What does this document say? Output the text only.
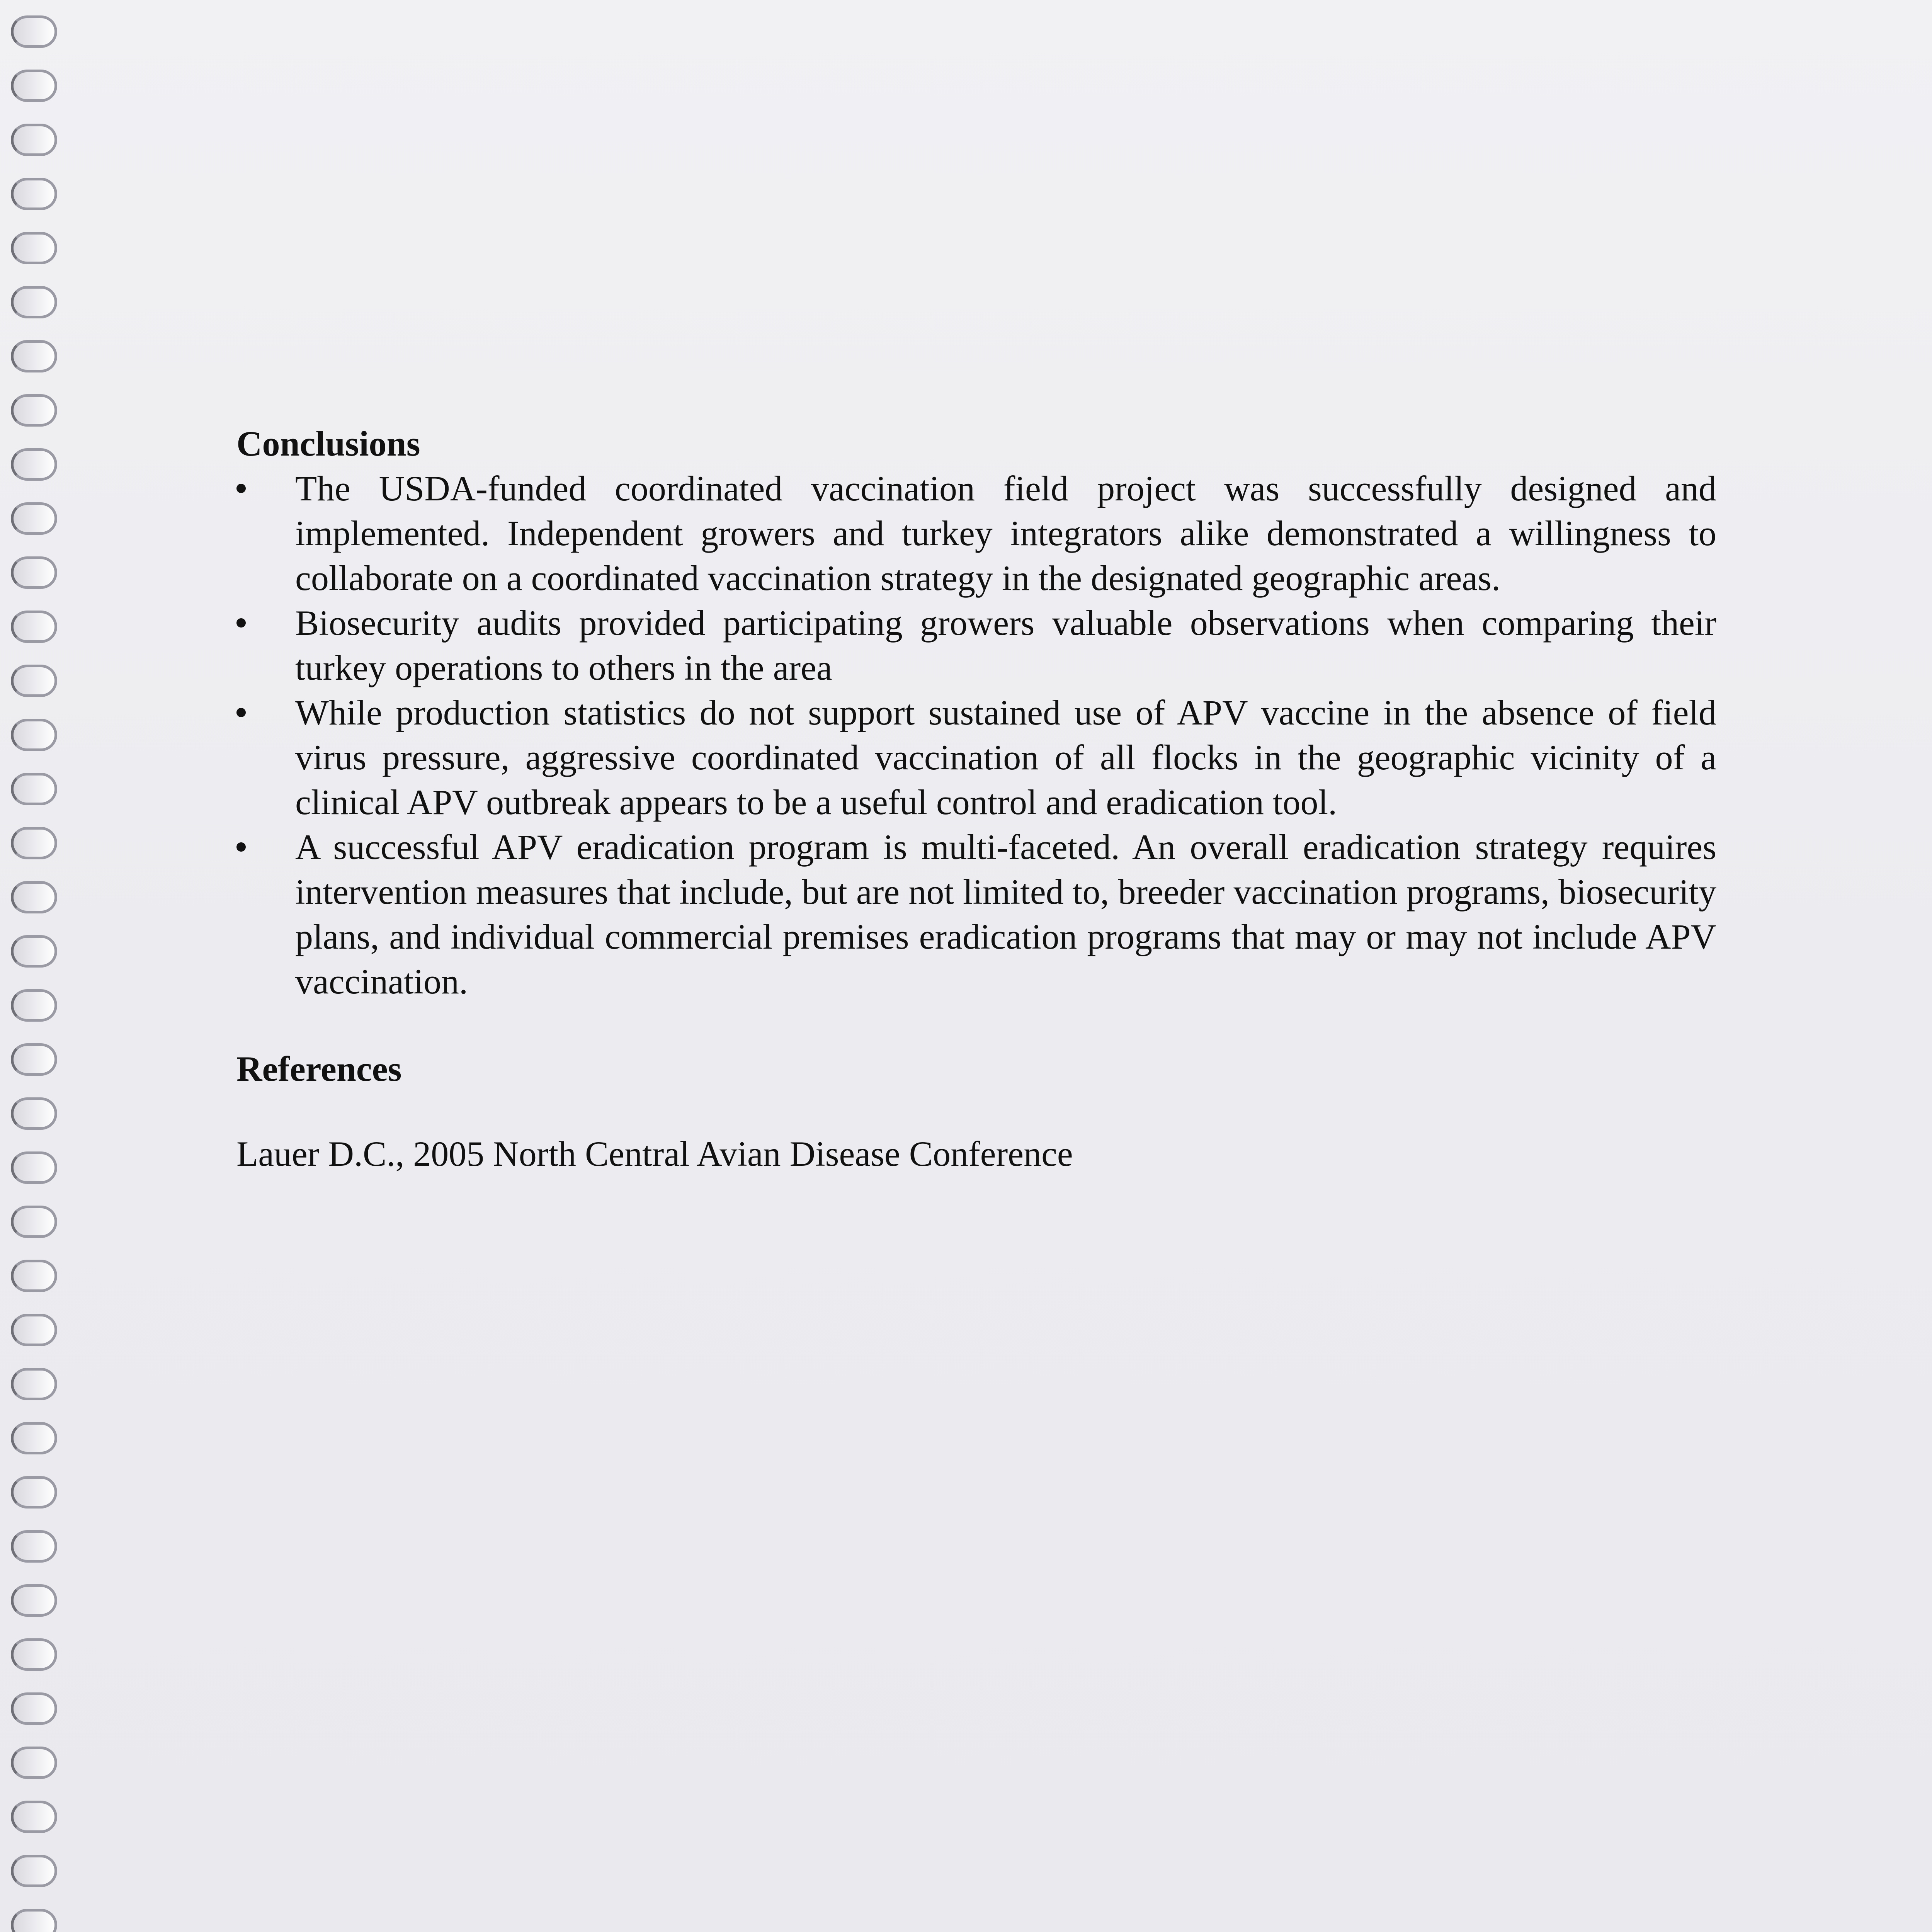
Conclusions
The USDA-funded coordinated vaccination field project was successfully designed and implemented. Independent growers and turkey integrators alike demonstrated a willingness to collaborate on a coordinated vaccination strategy in the designated geographic areas.
Biosecurity audits provided participating growers valuable observations when comparing their turkey operations to others in the area
While production statistics do not support sustained use of APV vaccine in the absence of field virus pressure, aggressive coordinated vaccination of all flocks in the geographic vicinity of a clinical APV outbreak appears to be a useful control and eradication tool.
A successful APV eradication program is multi-faceted. An overall eradication strategy requires intervention measures that include, but are not limited to, breeder vaccination programs, biosecurity plans, and individual commercial premises eradication programs that may or may not include APV vaccination.
References

Lauer D.C., 2005 North Central Avian Disease Conference
